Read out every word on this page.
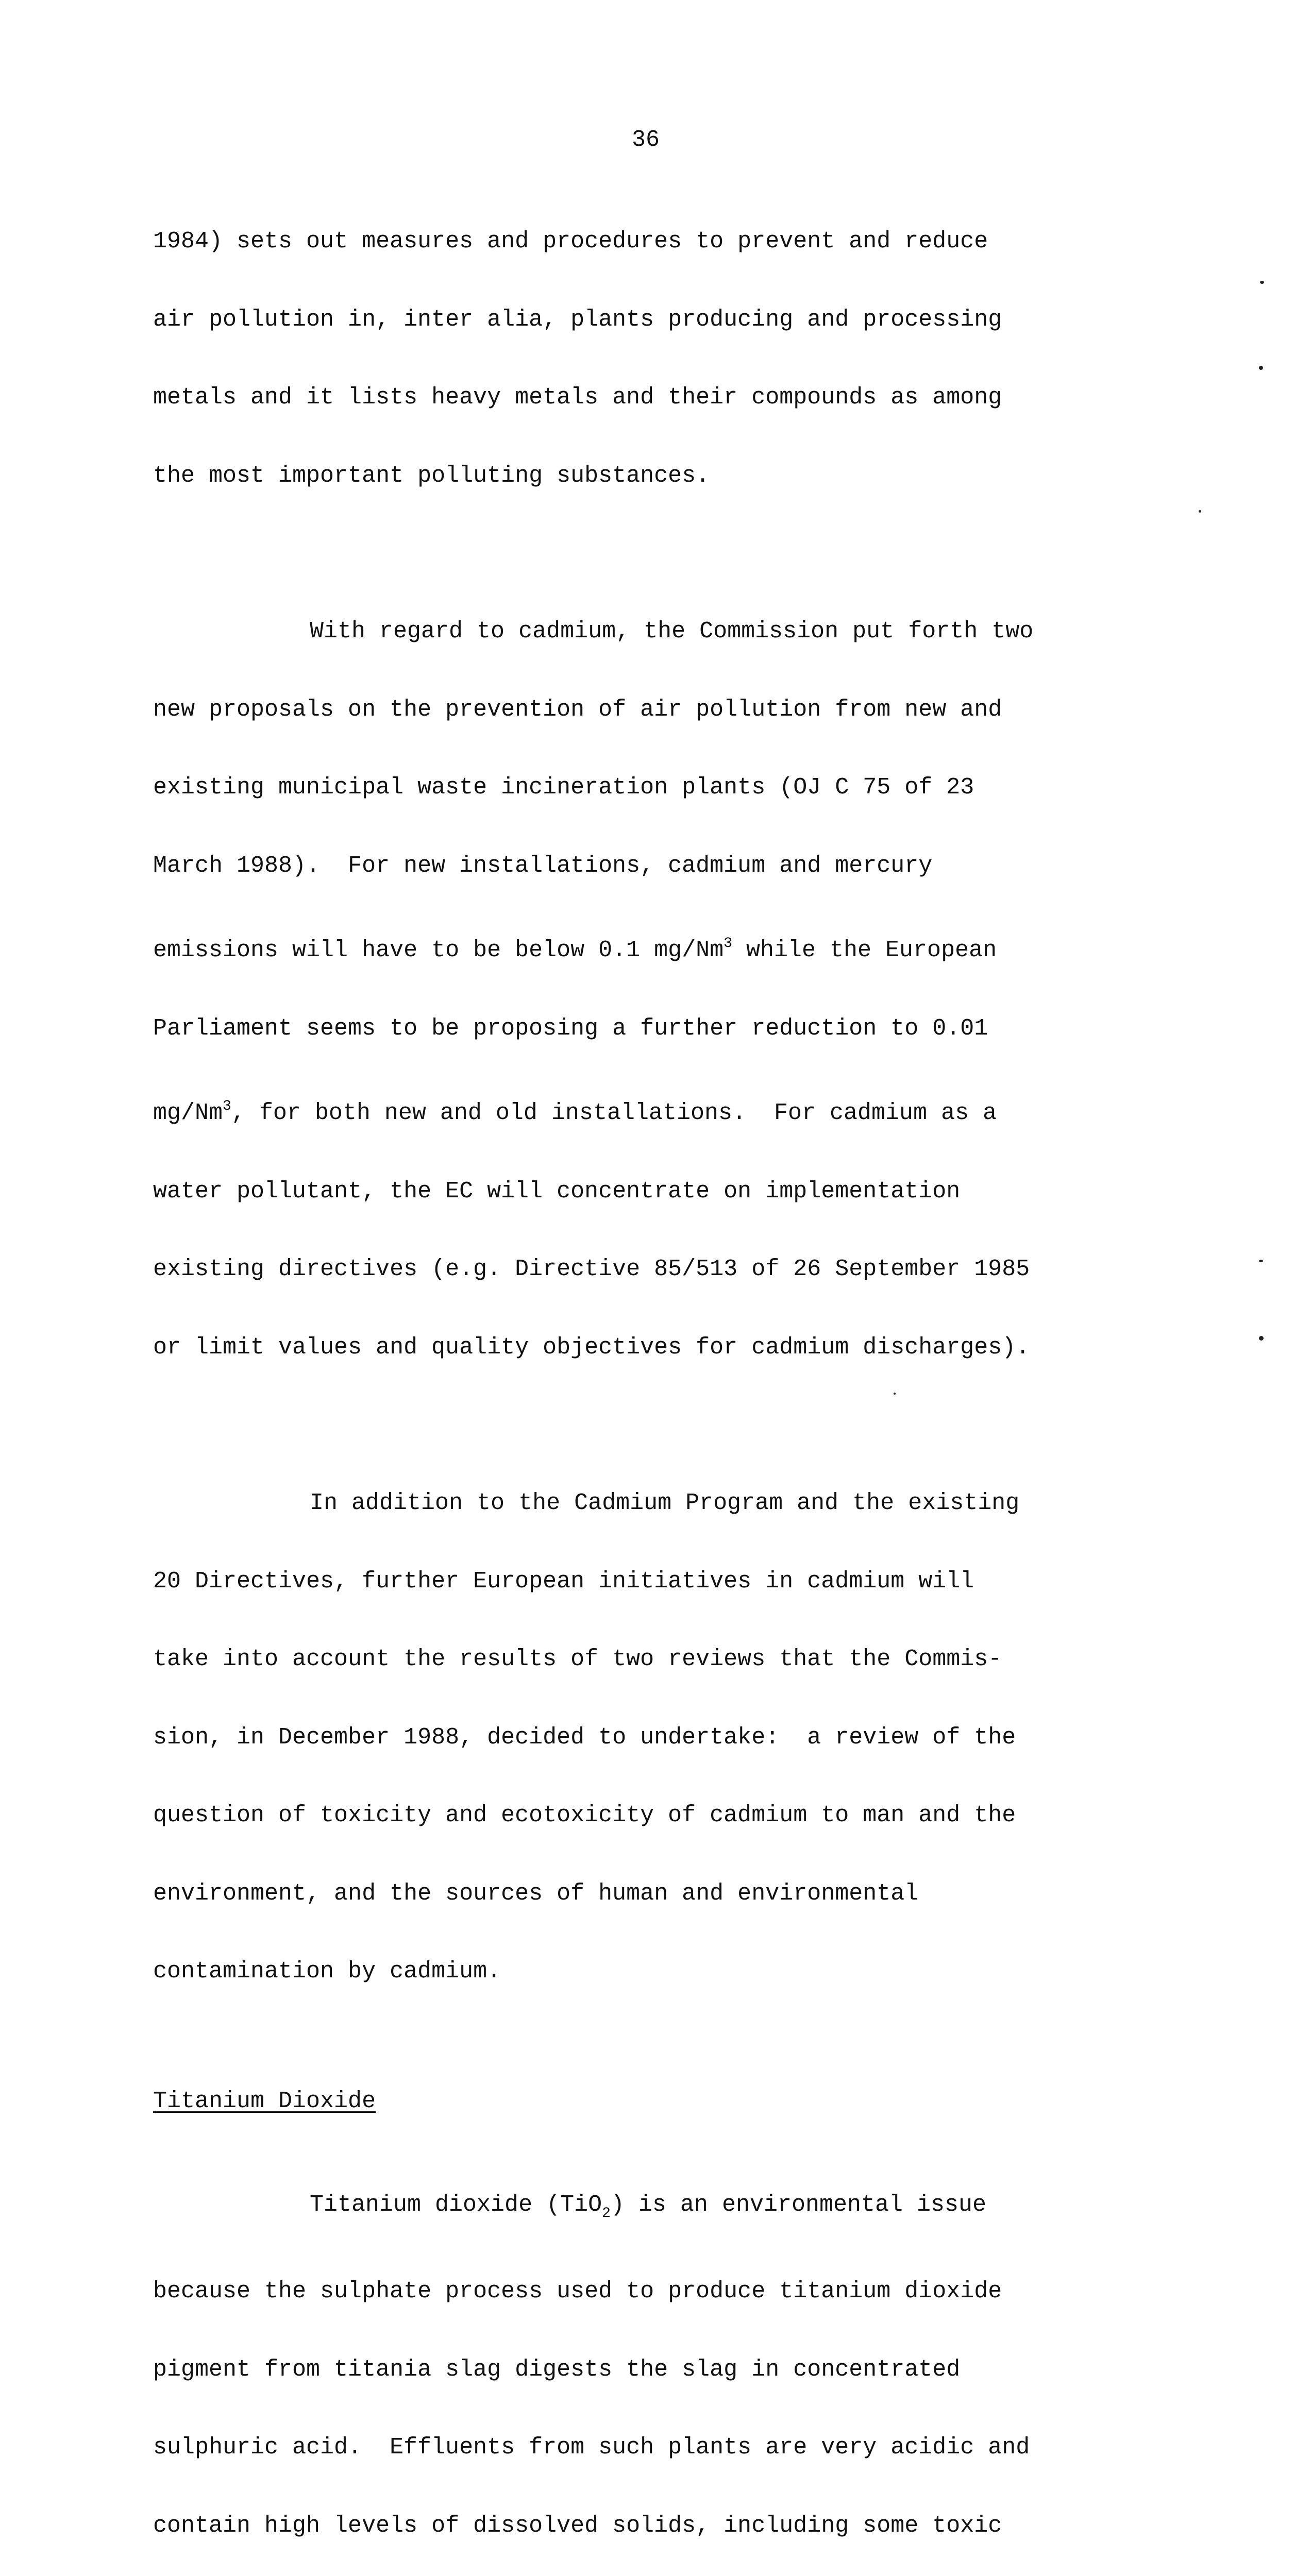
36

1984) sets out measures and procedures to prevent and reduce

air pollution in, inter alia, plants producing and processing

metals and it lists heavy metals and their compounds as among

the most important polluting substances.

With regard to cadmium, the Commission put forth two

new proposals on the prevention of air pollution from new and

existing municipal waste incineration plants (OJ C 75 of 23

March 1988).  For new installations, cadmium and mercury

emissions will have to be below 0.1 mg/Nm$^3$ while the European

Parliament seems to be proposing a further reduction to 0.01

mg/Nm$^3$, for both new and old installations.  For cadmium as a

water pollutant, the EC will concentrate on implementation

existing directives (e.g. Directive 85/513 of 26 September 1985

or limit values and quality objectives for cadmium discharges).

In addition to the Cadmium Program and the existing

20 Directives, further European initiatives in cadmium will

take into account the results of two reviews that the Commis-

sion, in December 1988, decided to undertake:  a review of the

question of toxicity and ecotoxicity of cadmium to man and the

environment, and the sources of human and environmental

contamination by cadmium.

Titanium Dioxide

Titanium dioxide (TiO$_2$) is an environmental issue

because the sulphate process used to produce titanium dioxide

pigment from titania slag digests the slag in concentrated

sulphuric acid.  Effluents from such plants are very acidic and

contain high levels of dissolved solids, including some toxic
